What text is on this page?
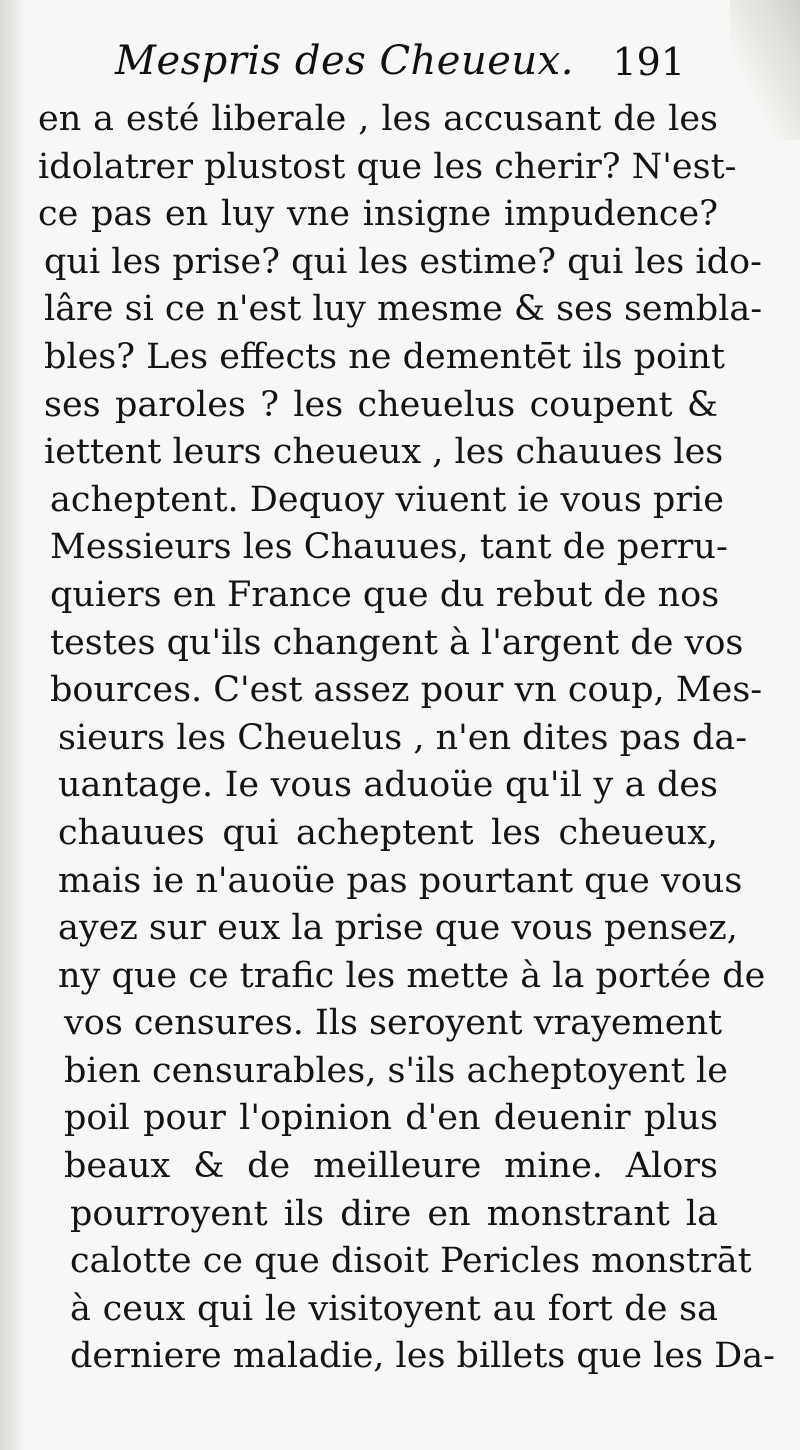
Mespris des Cheueux. 191
en a esté liberale , les accusant de les
idolatrer plustost que les cherir? N'est-
ce pas en luy vne insigne impudence?
qui les prise? qui les estime? qui les ido-
lâre si ce n'est luy mesme & ses sembla-
bles? Les effects ne dementēt ils point
ses paroles ? les cheuelus coupent &
iettent leurs cheueux , les chauues les
acheptent. Dequoy viuent ie vous prie
Messieurs les Chauues, tant de perru-
quiers en France que du rebut de nos
testes qu'ils changent à l'argent de vos
bources. C'est assez pour vn coup, Mes-
sieurs les Cheuelus , n'en dites pas da-
uantage. Ie vous aduoüe qu'il y a des
chauues qui acheptent les cheueux,
mais ie n'auoüe pas pourtant que vous
ayez sur eux la prise que vous pensez,
ny que ce trafic les mette à la portée de
vos censures. Ils seroyent vrayement
bien censurables, s'ils acheptoyent le
poil pour l'opinion d'en deuenir plus
beaux & de meilleure mine. Alors
pourroyent ils dire en monstrant la
calotte ce que disoit Pericles monstrāt
à ceux qui le visitoyent au fort de sa
derniere maladie, les billets que les Da-
